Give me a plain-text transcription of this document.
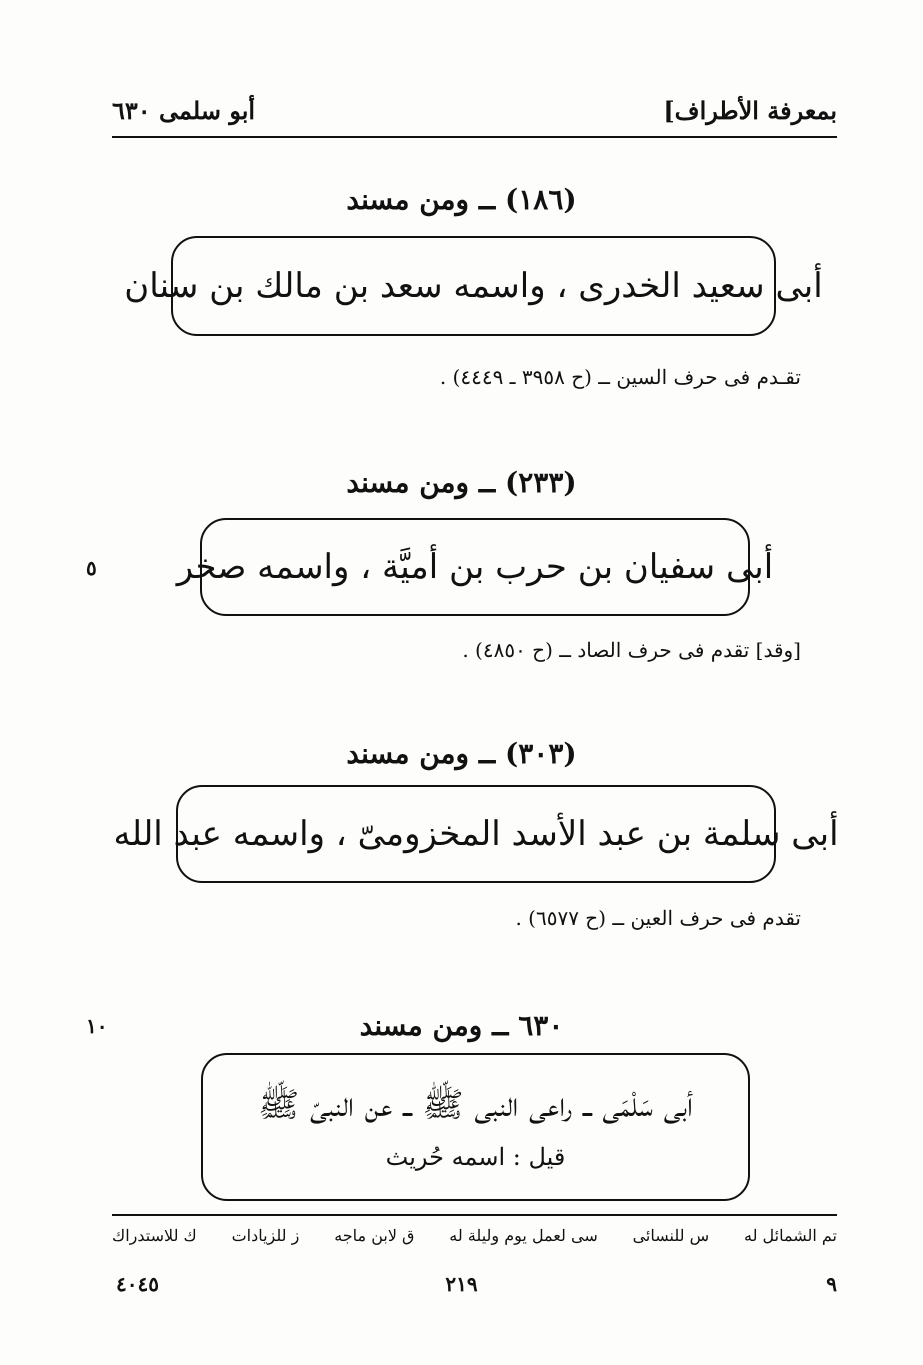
بمعرفة الأطراف]
أبو سلمى ٦٣٠
(١٨٦) ــ ومن مسند
أبى سعيد الخدرى ، واسمه سعد بن مالك بن سنان
تقـدم فى حرف السين ــ (ح ٣٩٥٨ ـ ٤٤٤٩) .
(٢٣٣) ــ ومن مسند
أبى سفيان بن حرب بن أميَّة ، واسمه صخر
[وقد] تقدم فى حرف الصاد ــ (ح ٤٨٥٠) .
٥
(٣٠٣) ــ ومن مسند
أبى سلمة بن عبد الأسد المخزومىّ ، واسمه عبد الله
تقدم فى حرف العين ــ (ح ٦٥٧٧) .
٦٣٠ ــ ومن مسند
أبى سَلْمَى ــ راعى النبى ﷺ ــ عن النبىّ ﷺ
قيل : اسمه حُريث
١٠
تم الشمائل له
س للنسائى
سى لعمل يوم وليلة له
ق لابن ماجه
ز للزيادات
ك للاستدراك
٩
٢١٩
٤٠٤٥
